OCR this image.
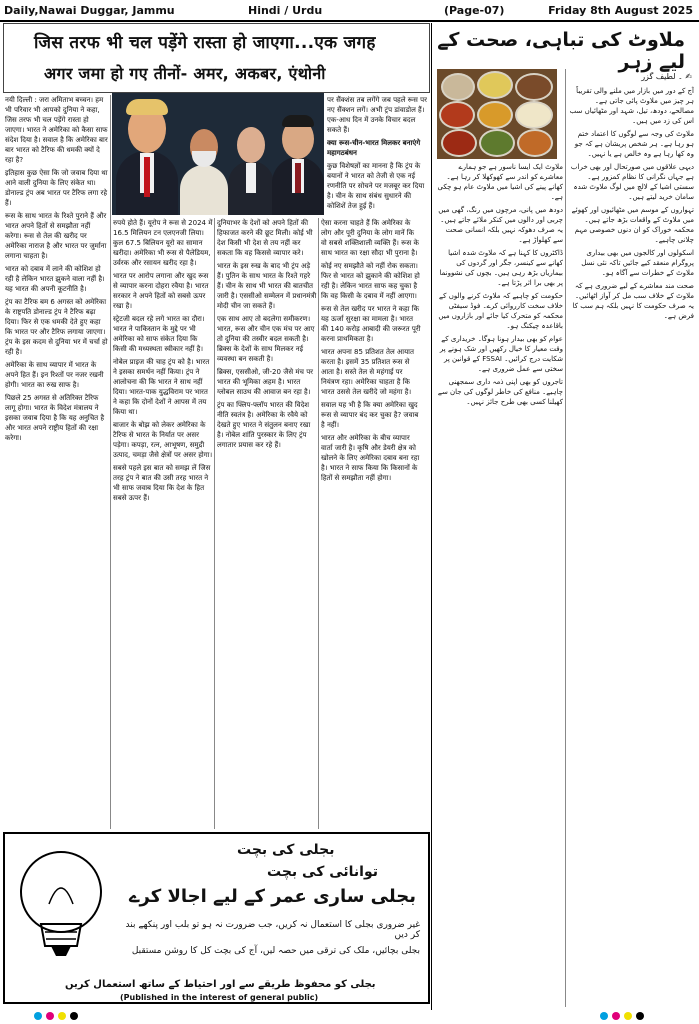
Daily,Nawai Duggar, Jammu	Hindi / Urdu	(Page-07)	Friday 8th August 2025
जिस तरफ भी चल पड़ेंगे रास्ता हो जाएगा...एक जगह
अगर जमा हो गए तीनों- अमर, अकबर, एंथोनी
ملاوٹ کی تباہی، صحت کے لیے زہر
✍ ۔ لطیف گزر

नयी दिल्ली : जरा अमिताभ बच्चन। हम भी परिवार भी आपको दुनिया ने कहा, जिस तरफ भी चल पड़ेंगे रास्ता हो जाएगा। भारत ने अमेरिका को कैसा साफ संदेश दिया है। सवाल है कि अमेरिका बार बार भारत को टैरिफ की धमकी क्यों दे रहा है?

इतिहास कुछ ऐसा कि जो जवाब दिया था आने वाली दुनिया के लिए संकेत था। डोनाल्ड ट्रंप अब भारत पर टैरिफ लगा रहे हैं।

रूस के साथ भारत के रिश्ते पुराने हैं और भारत अपने हितों से समझौता नहीं करेगा। रूस से तेल की खरीद पर अमेरिका नाराज है और भारत पर जुर्माना लगाना चाहता है।

भारत को दबाव में लाने की कोशिश हो रही है लेकिन भारत झुकने वाला नहीं है। यह भारत की अपनी कूटनीति है।

ट्रंप का टैरिफ बम 6 अगस्त को अमेरिका के राष्ट्रपति डोनाल्ड ट्रंप ने टैरिफ बढ़ा दिया। फिर से एक धमकी देते हुए कहा कि भारत पर और टैरिफ लगाया जाएगा। ट्रंप के इस कदम से दुनिया भर में चर्चा हो रही है।

अमेरिका के साथ व्यापार में भारत के अपने हित हैं। इन रिश्तों पर नजर रखनी होगी। भारत का रुख साफ है।

पिछले 25 अगस्त से अतिरिक्त टैरिफ लागू होगा। भारत के विदेश मंत्रालय ने इसका जवाब दिया है कि यह अनुचित है और भारत अपने राष्ट्रीय हितों की रक्षा करेगा।

रुपये होते हैं। यूरोप ने रूस से 2024 में 16.5 मिलियन टन एलएनजी लिया। कुल 67.5 बिलियन यूरो का सामान खरीदा। अमेरिका भी रूस से पैलेडियम, उर्वरक और रसायन खरीद रहा है।

भारत पर आरोप लगाना और खुद रूस से व्यापार करना दोहरा रवैया है। भारत सरकार ने अपने हितों को सबसे ऊपर रखा है।

स्ट्रेटजी बदल रहे लगे भारत का दौरा। भारत ने पाकिस्तान के मुद्दे पर भी अमेरिका को साफ संकेत दिया कि किसी की मध्यस्थता स्वीकार नहीं है।

नोबेल प्राइज की चाह ट्रंप को है। भारत ने इसका समर्थन नहीं किया। ट्रंप ने आलोचना की कि भारत ने साथ नहीं दिया। भारत-पाक युद्धविराम पर भारत ने कहा कि दोनों देशों ने आपस में तय किया था।

बाजार के बोझ को लेकर अमेरिका के टैरिफ से भारत के निर्यात पर असर पड़ेगा। कपड़ा, रत्न, आभूषण, समुद्री उत्पाद, चमड़ा जैसे क्षेत्रों पर असर होगा।

सबसे पहले इस बात को समझ लें जिस तरह ट्रंप ने बात की उसी तरह भारत ने भी साफ जवाब दिया कि देश के हित सबसे ऊपर हैं।

दुनियाभर के देशों को अपने हितों की हिफाजत करने की छूट मिली। कोई भी देश किसी भी देश से तय नहीं कर सकता कि वह किससे व्यापार करे।

भारत के इस रुख के बाद भी ट्रंप अड़े हैं। पुतिन के साथ भारत के रिश्ते गहरे हैं। चीन के साथ भी भारत की बातचीत जारी है। एससीओ सम्मेलन में प्रधानमंत्री मोदी चीन जा सकते हैं।

एक साथ आए तो बदलेगा समीकरण। भारत, रूस और चीन एक मंच पर आए तो दुनिया की तस्वीर बदल सकती है। ब्रिक्स के देशों के साथ मिलकर नई व्यवस्था बन सकती है।

ब्रिक्स, एससीओ, जी-20 जैसे मंच पर भारत की भूमिका अहम है। भारत ग्लोबल साउथ की आवाज बन रहा है।

ट्रंप का फ्लिप-फ्लॉप भारत की विदेश नीति स्वतंत्र है। अमेरिका के रवैये को देखते हुए भारत ने संतुलन बनाए रखा है। नोबेल शांति पुरस्कार के लिए ट्रंप लगातार प्रयास कर रहे हैं।

ऐसा करना चाहते हैं कि अमेरिका के लोग और पूरी दुनिया के लोग मानें कि वो सबसे शक्तिशाली व्यक्ति हैं। रूस के साथ भारत का रक्षा सौदा भी पुराना है।

कोई नए समझौते को नहीं रोक सकता। फिर से भारत को झुकाने की कोशिश हो रही है। लेकिन भारत साफ कह चुका है कि वह किसी के दबाव में नहीं आएगा।

रूस से तेल खरीद पर भारत ने कहा कि यह ऊर्जा सुरक्षा का मामला है। भारत की 140 करोड़ आबादी की जरूरत पूरी करना प्राथमिकता है।

भारत अपना 85 प्रतिशत तेल आयात करता है। इसमें 35 प्रतिशत रूस से आता है। सस्ते तेल से महंगाई पर नियंत्रण रहा। अमेरिका चाहता है कि भारत उससे तेल खरीदे जो महंगा है।

सवाल यह भी है कि क्या अमेरिका खुद रूस से व्यापार बंद कर चुका है? जवाब है नहीं।

भारत और अमेरिका के बीच व्यापार वार्ता जारी है। कृषि और डेयरी क्षेत्र को खोलने के लिए अमेरिका दबाव बना रहा है। भारत ने साफ किया कि किसानों के हितों से समझौता नहीं होगा।

पर सैंक्शंस तब लगेंगे जब पहले रूस पर नए सैंक्शन लगें। अभी ट्रंप डांवाडोल हैं। एक-आध दिन में उनके विचार बदल सकते हैं।

क्या रूस-चीन-भारत मिलकर बनाएंगे महागठबंधन

कुछ विशेषज्ञों का मानना है कि ट्रंप के बयानों ने भारत को तेजी से एक नई रणनीति पर सोचने पर मजबूर कर दिया है। चीन के साथ संबंध सुधारने की कोशिशें तेज हुई हैं।

ملاوٹ ایک ایسا ناسور ہے جو ہمارے معاشرے کو اندر سے کھوکھلا کر رہا ہے۔ کھانے پینے کی اشیا میں ملاوٹ عام ہو چکی ہے۔

دودھ میں پانی، مرچوں میں رنگ، گھی میں چربی اور دالوں میں کنکر ملائے جاتے ہیں۔ یہ صرف دھوکہ نہیں بلکہ انسانی صحت سے کھلواڑ ہے۔

ڈاکٹروں کا کہنا ہے کہ ملاوٹ شدہ اشیا کھانے سے کینسر، جگر اور گردوں کی بیماریاں بڑھ رہی ہیں۔ بچوں کی نشوونما پر بھی برا اثر پڑتا ہے۔

حکومت کو چاہیے کہ ملاوٹ کرنے والوں کے خلاف سخت کارروائی کرے۔ فوڈ سیفٹی محکمہ کو متحرک کیا جائے اور بازاروں میں باقاعدہ چیکنگ ہو۔

عوام کو بھی بیدار ہونا ہوگا۔ خریداری کے وقت معیار کا خیال رکھیں اور شک ہونے پر شکایت درج کرائیں۔ FSSAI کے قوانین پر سختی سے عمل ضروری ہے۔

تاجروں کو بھی اپنی ذمہ داری سمجھنی چاہیے۔ منافع کی خاطر لوگوں کی جان سے کھیلنا کسی بھی طرح جائز نہیں۔

آج کے دور میں بازار میں ملنے والی تقریباً ہر چیز میں ملاوٹ پائی جاتی ہے۔ مصالحے، دودھ، تیل، شہد اور مٹھائیاں سب اس کی زد میں ہیں۔

ملاوٹ کی وجہ سے لوگوں کا اعتماد ختم ہو رہا ہے۔ ہر شخص پریشان ہے کہ جو وہ کھا رہا ہے وہ خالص ہے یا نہیں۔

دیہی علاقوں میں صورتحال اور بھی خراب ہے جہاں نگرانی کا نظام کمزور ہے۔ سستی اشیا کے لالچ میں لوگ ملاوٹ شدہ سامان خرید لیتے ہیں۔

تہواروں کے موسم میں مٹھائیوں اور کھوئے میں ملاوٹ کے واقعات بڑھ جاتے ہیں۔ محکمہ خوراک کو ان دنوں خصوصی مہم چلانی چاہیے۔

اسکولوں اور کالجوں میں بھی بیداری پروگرام منعقد کیے جائیں تاکہ نئی نسل ملاوٹ کے خطرات سے آگاہ ہو۔

صحت مند معاشرے کے لیے ضروری ہے کہ ملاوٹ کے خلاف سب مل کر آواز اٹھائیں۔ یہ صرف حکومت کا نہیں بلکہ ہم سب کا فرض ہے۔

بجلی کی بچت
توانائی کی بچت
بجلی ساری عمر کے لیے اجالا کرے
غیر ضروری بجلی کا استعمال نہ کریں، جب ضرورت نہ ہو تو بلب اور پنکھے بند کر دیں
بجلی بچائیں، ملک کی ترقی میں حصہ لیں، آج کی بچت کل کا روشن مستقبل
بجلی کو محفوظ طریقے سے اور احتیاط کے ساتھ استعمال کریں
(Published in the interest of general public)
